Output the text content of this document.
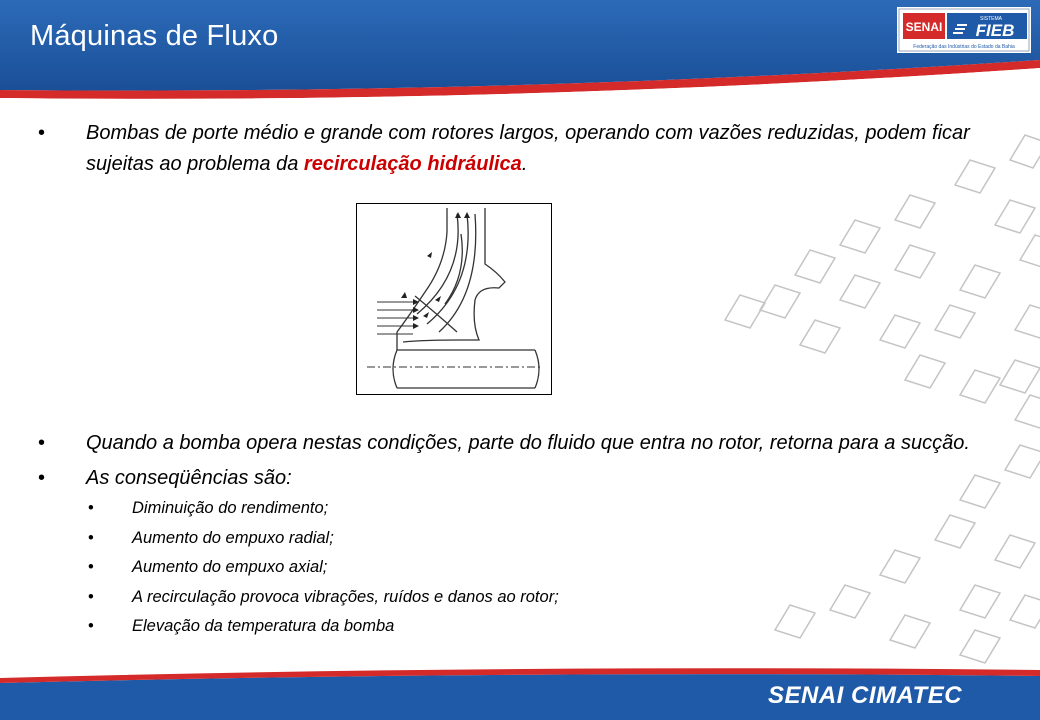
Máquinas de Fluxo	SENAI
SISTEMA
FIEB
Federação das Indústrias do Estado da Bahia
• Bombas de porte médio e grande com rotores largos, operando com vazões reduzidas, podem ficar sujeitas ao problema da recirculação hidráulica.
• Quando a bomba opera nestas condições, parte do fluido que entra no rotor, retorna para a sucção.
• As conseqüências são:
• Diminuição do rendimento;
• Aumento do empuxo radial;
• Aumento do empuxo axial;
• A recirculação provoca vibrações, ruídos e danos ao rotor;
• Elevação da temperatura da bomba
SENAI CIMATEC
